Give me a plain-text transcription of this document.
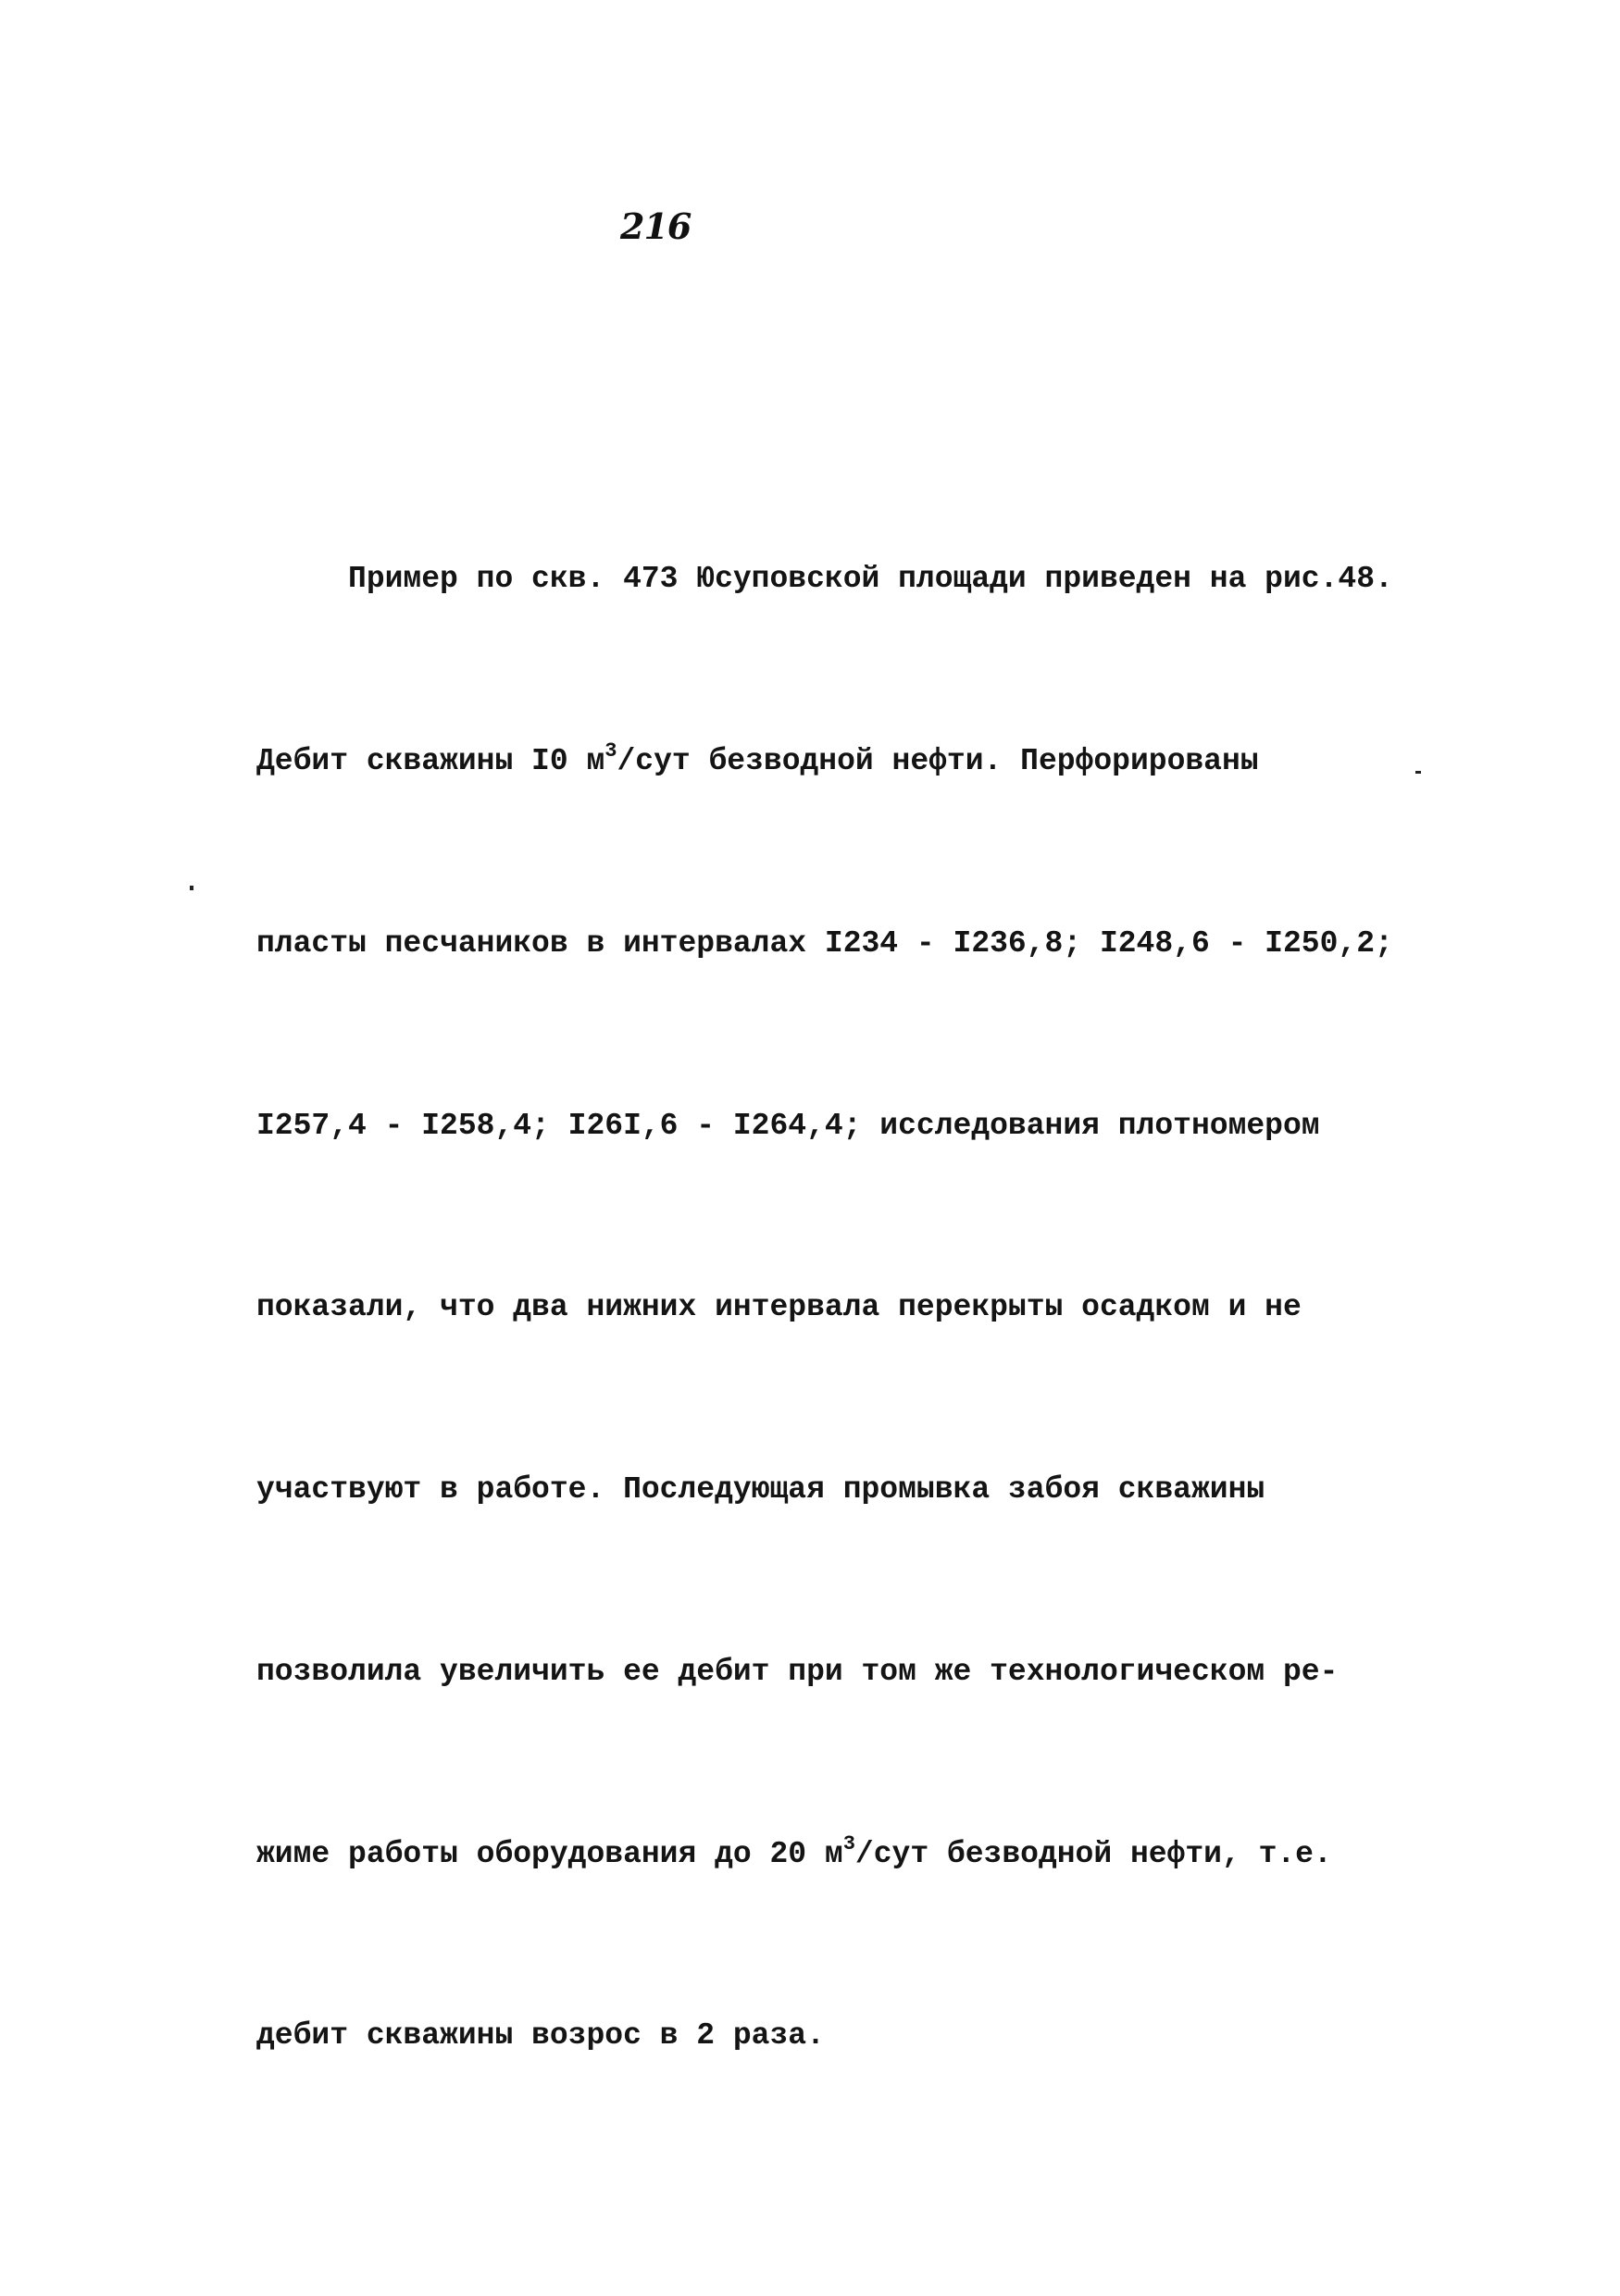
216

Пример по скв. 473 Юсуповской площади приведен на рис.48.

Дебит скважины I0 $м^3$/сут безводной нефти. Перфорированы

пласты песчаников в интервалах I234 - I236,8; I248,6 - I250,2;

I257,4 - I258,4; I26I,6 - I264,4; исследования плотномером

показали, что два нижних интервала перекрыты осадком и не

участвуют в работе. Последующая промывка забоя скважины

позволила увеличить ее дебит при том же технологическом ре-

жиме работы оборудования до 20 $м^3$/сут безводной нефти, т.е.

дебит скважины возрос в 2 раза.
